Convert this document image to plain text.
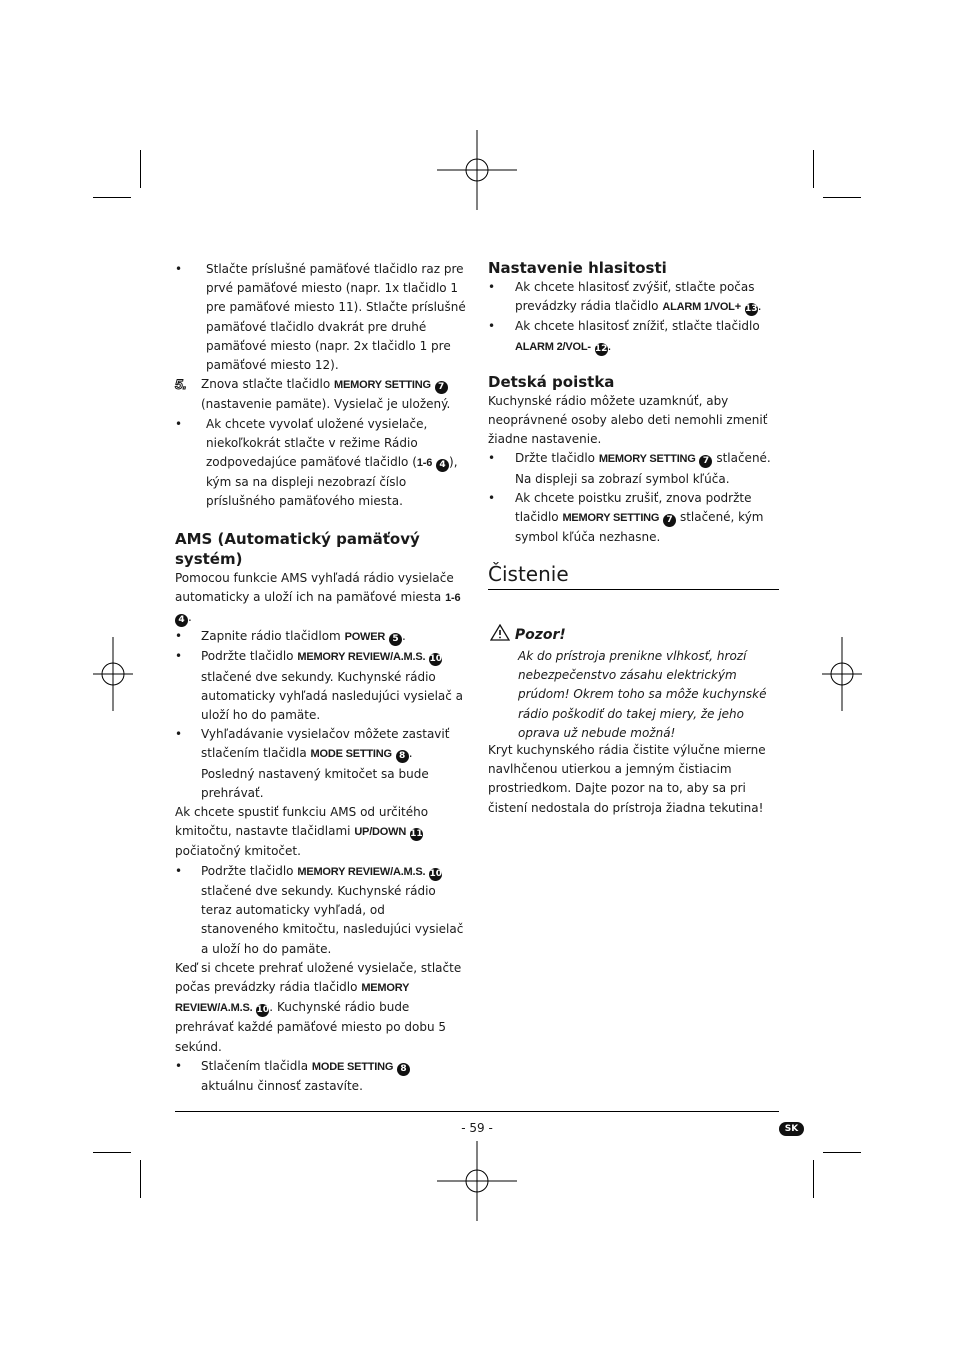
• Stlačte príslušné pamäťové tlačidlo raz pre prvé pamäťové miesto (napr. 1x tlačidlo 1 pre pamäťové miesto 11). Stlačte príslušné pamäťové tlačidlo dvakrát pre druhé pamäťové miesto (napr. 2x tlačidlo 1 pre pamäťové miesto 12).
5. Znova stlačte tlačidlo MEMORY SETTING 7 (nastavenie pamäte). Vysielač je uložený.
• Ak chcete vyvolať uložené vysielače, niekoľkokrát stlačte v režime Rádio zodpovedajúce pamäťové tlačidlo (1-6 4 ), kým sa na displeji nezobrazí číslo príslušného pamäťového miesta.
AMS (Automatický pamäťový systém)
Pomocou funkcie AMS vyhľadá rádio vysielače automaticky a uloží ich na pamäťové miesta 1-6 4 .
• Zapnite rádio tlačidlom POWER 5 .
• Podržte tlačidlo MEMORY REVIEW/A.M.S. 10 stlačené dve sekundy. Kuchynské rádio automaticky vyhľadá nasledujúci vysielač a uloží ho do pamäte.
• Vyhľadávanie vysielačov môžete zastaviť stlačením tlačidla MODE SETTING 8 . Posledný nastavený kmitočet sa bude prehrávať.
Ak chcete spustiť funkciu AMS od určitého kmitočtu, nastavte tlačidlami UP/DOWN 11 počiatočný kmitočet.
• Podržte tlačidlo MEMORY REVIEW/A.M.S. 10 stlačené dve sekundy. Kuchynské rádio teraz automaticky vyhľadá, od stanoveného kmitočtu, nasledujúci vysielač a uloží ho do pamäte.
Keď si chcete prehrať uložené vysielače, stlačte počas prevádzky rádia tlačidlo MEMORY REVIEW/A.M.S. 10. Kuchynské rádio bude prehrávať každé pamäťové miesto po dobu 5 sekúnd.
• Stlačením tlačidla MODE SETTING 8 aktuálnu činnosť zastavíte.
Nastavenie hlasitosti
• Ak chcete hlasitosť zvýšiť, stlačte počas prevádzky rádia tlačidlo ALARM 1/VOL+ 13.
• Ak chcete hlasitosť znížiť, stlačte tlačidlo ALARM 2/VOL- 12.
Detská poistka
Kuchynské rádio môžete uzamknúť, aby neoprávnené osoby alebo deti nemohli zmeniť žiadne nastavenie.
• Držte tlačidlo MEMORY SETTING 7 stlačené. Na displeji sa zobrazí symbol kľúča.
• Ak chcete poistku zrušiť, znova podržte tlačidlo MEMORY SETTING 7 stlačené, kým symbol kľúča nezhasne.
Čistenie
Pozor!
Ak do prístroja prenikne vlhkosť, hrozí nebezpečenstvo zásahu elektrickým prúdom! Okrem toho sa môže kuchynské rádio poškodiť do takej miery, že jeho oprava už nebude možná!
Kryt kuchynského rádia čistite výlučne mierne navlhčenou utierkou a jemným čistiacim prostriedkom. Dajte pozor na to, aby sa pri čistení nedostala do prístroja žiadna tekutina!
- 59 -	SK
